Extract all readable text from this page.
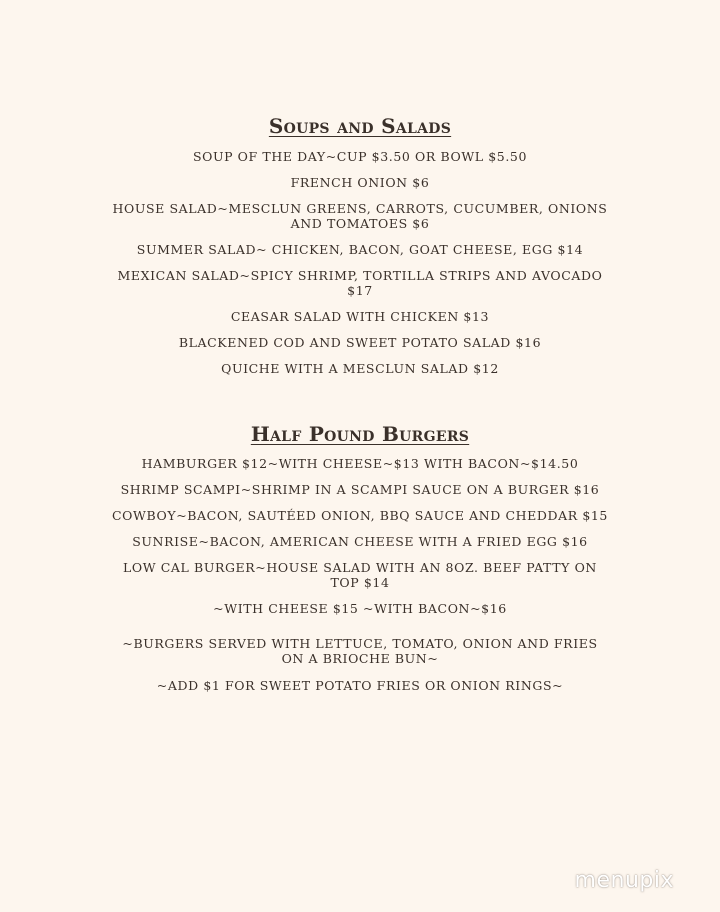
Soups and Salads

SOUP OF THE DAY~CUP $3.50 OR BOWL $5.50

FRENCH ONION $6

HOUSE SALAD~MESCLUN GREENS, CARROTS, CUCUMBER, ONIONS AND TOMATOES $6

SUMMER SALAD~ CHICKEN, BACON, GOAT CHEESE, EGG $14

MEXICAN SALAD~SPICY SHRIMP, TORTILLA STRIPS AND AVOCADO $17

CEASAR SALAD WITH CHICKEN $13

BLACKENED COD AND SWEET POTATO SALAD $16

QUICHE WITH A MESCLUN SALAD $12

Half Pound Burgers

HAMBURGER $12~WITH CHEESE~$13 WITH BACON~$14.50

SHRIMP SCAMPI~SHRIMP IN A SCAMPI SAUCE ON A BURGER $16

COWBOY~BACON, SAUTÉED ONION, BBQ SAUCE AND CHEDDAR $15

SUNRISE~BACON, AMERICAN CHEESE WITH A FRIED EGG $16

LOW CAL BURGER~HOUSE SALAD WITH AN 8OZ. BEEF PATTY ON TOP $14

~WITH CHEESE $15 ~WITH BACON~$16

~BURGERS SERVED WITH LETTUCE, TOMATO, ONION AND FRIES ON A BRIOCHE BUN~

~ADD $1 FOR SWEET POTATO FRIES OR ONION RINGS~

menupix
